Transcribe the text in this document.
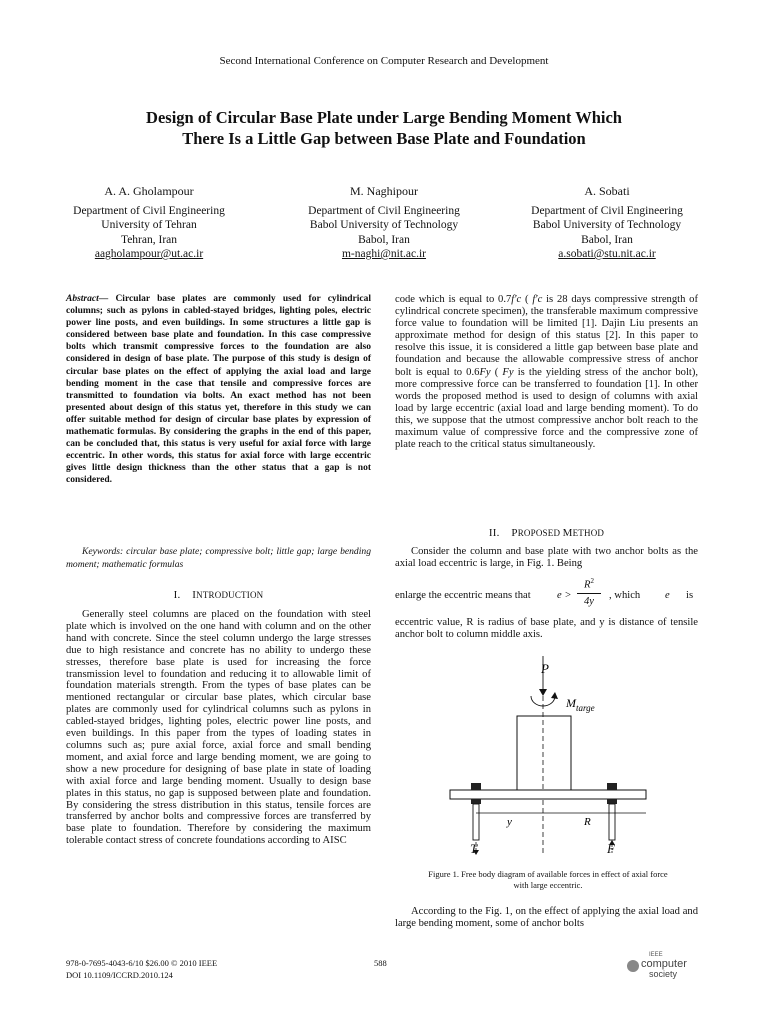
Second International Conference on Computer Research and Development
Design of Circular Base Plate under Large Bending Moment Which
There Is a Little Gap between Base Plate and Foundation
A. A. Gholampour
Department of Civil Engineering
University of Tehran
Tehran, Iran
aagholampour@ut.ac.ir
M. Naghipour
Department of Civil Engineering
Babol University of Technology
Babol, Iran
m-naghi@nit.ac.ir
A. Sobati
Department of Civil Engineering
Babol University of Technology
Babol, Iran
a.sobati@stu.nit.ac.ir
Abstract— Circular base plates are commonly used for cylindrical columns; such as pylons in cabled-stayed bridges, lighting poles, electric power line posts, and even buildings. In some structures a little gap is considered between base plate and foundation. In this case compressive bolts which transmit compressive forces to the foundation are also considered in design of base plate. The purpose of this study is design of circular base plates on the effect of applying the axial load and large bending moment in the case that tensile and compressive forces are transmitted to foundation via bolts. An exact method has not been presented about design of this status yet, therefore in this study we can offer suitable method for design of circular base plates by expression of mathematic formulas. By considering the graphs in the end of this paper, can be concluded that, this status is very useful for axial force with large eccentric. In other words, this status for axial force with large eccentric gives little design thickness than the other status that a gap is not considered.
Keywords: circular base plate; compressive bolt; little gap; large bending moment; mathematic formulas
I. INTRODUCTION
Generally steel columns are placed on the foundation with steel plate which is involved on the one hand with column and on the other hand with concrete. Since the steel column undergo the large stresses due to high resistance and concrete has no ability to undergo these stresses, therefore base plate is used for increasing the force transmission level to foundation and reducing it to allowable limit of foundation materials strength. From the types of base plates can be mentioned rectangular or circular base plates, which circular base plates are commonly used for cylindrical columns such as pylons in cabled-stayed bridges, lighting poles, electric power line posts, and even buildings. In this paper from the types of loading states in columns such as; pure axial force, axial force and small bending moment, and axial force and large bending moment, we are going to show a new procedure for designing of base plate in state of loading with axial force and large bending moment. Usually to design base plates in this status, no gap is supposed between plate and foundation. By considering the stress distribution in this status, tensile forces are transferred by anchor bolts and compressive forces are transferred by base plate to foundation. Therefore by considering the maximum tolerable contact stress of concrete foundations according to AISC
code which is equal to 0.7f′c ( f′c is 28 days compressive strength of cylindrical concrete specimen), the transferable maximum compressive force value to foundation will be limited [1]. Dajin Liu presents an approximate method for design of this status [2]. In this paper to resolve this issue, it is considered a little gap between base plate and foundation and because the allowable compressive stress of anchor bolt is equal to 0.6Fy ( Fy is the yielding stress of the anchor bolt), more compressive force can be transferred to foundation [1]. In other words the proposed method is used to design of columns with axial load by large eccentric (axial load and large bending moment). To do this, we suppose that the utmost compressive anchor bolt reach to the maximum value of compressive force and the compressive zone of plate reach to the critical status simultaneously.
II. PROPOSED METHOD
Consider the column and base plate with two anchor bolts as the axial load eccentric is large, in Fig. 1. Being
enlarge the eccentric means that e >
$R^2$
4y
, which e is
eccentric value, R is radius of base plate, and y is distance of tensile anchor bolt to column middle axis.
P
$M_{targe}$
y	R
T	F
Figure 1. Free body diagram of available forces in effect of axial force
with large eccentric.
According to the Fig. 1, on the effect of applying the axial load and large bending moment, some of anchor bolts
978-0-7695-4043-6/10 $26.00 © 2010 IEEE
DOI 10.1109/ICCRD.2010.124
588
IEEE
computer
society
